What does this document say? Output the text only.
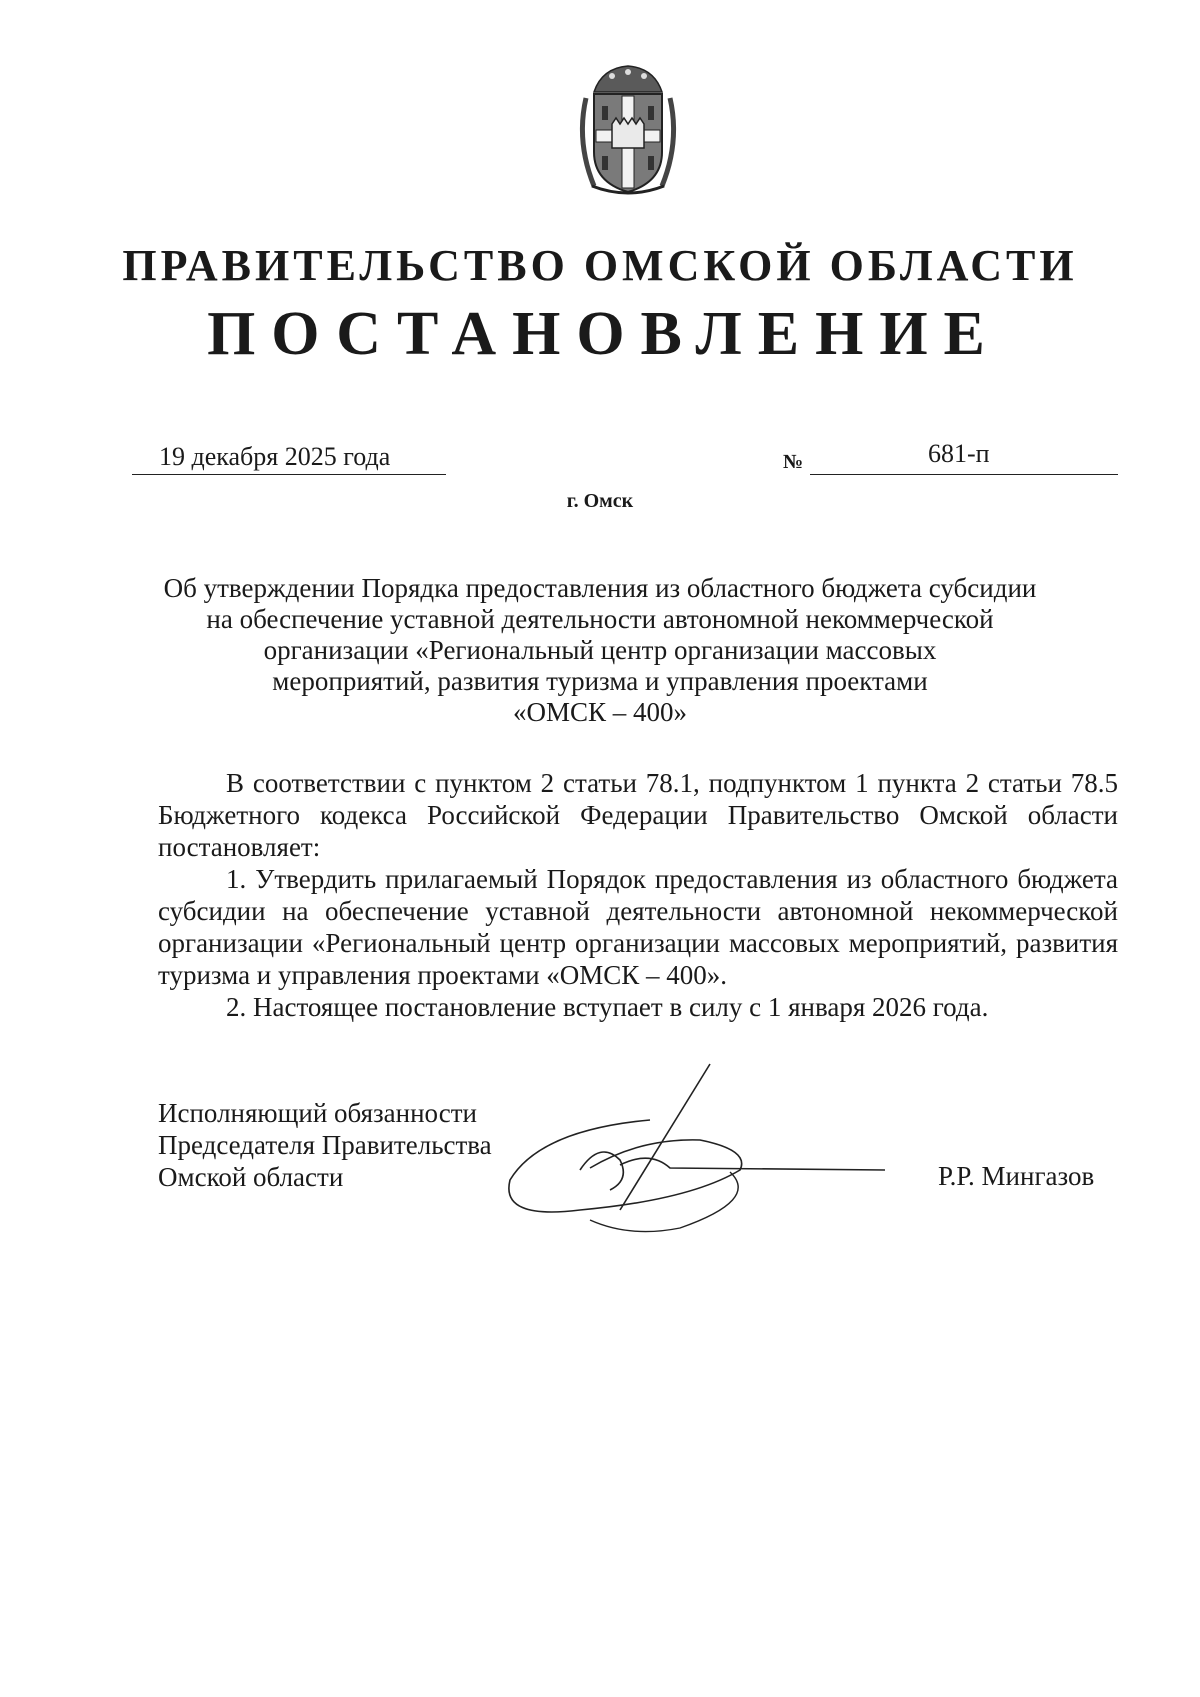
ПРАВИТЕЛЬСТВО ОМСКОЙ ОБЛАСТИ
ПОСТАНОВЛЕНИЕ
19 декабря 2025 года	№	681-п
г. Омск
Об утверждении Порядка предоставления из областного бюджета субсидии
на обеспечение уставной деятельности автономной некоммерческой
организации «Региональный центр организации массовых
мероприятий, развития туризма и управления проектами
«ОМСК – 400»

В соответствии с пунктом 2 статьи 78.1, подпунктом 1 пункта 2 статьи 78.5 Бюджетного кодекса Российской Федерации Правительство Омской области постановляет:

1. Утвердить прилагаемый Порядок предоставления из областного бюджета субсидии на обеспечение уставной деятельности автономной некоммерческой организации «Региональный центр организации массовых мероприятий, развития туризма и управления проектами «ОМСК – 400».

2. Настоящее постановление вступает в силу с 1 января 2026 года.

Исполняющий обязанности
Председателя Правительства
Омской области	Р.Р. Мингазов
